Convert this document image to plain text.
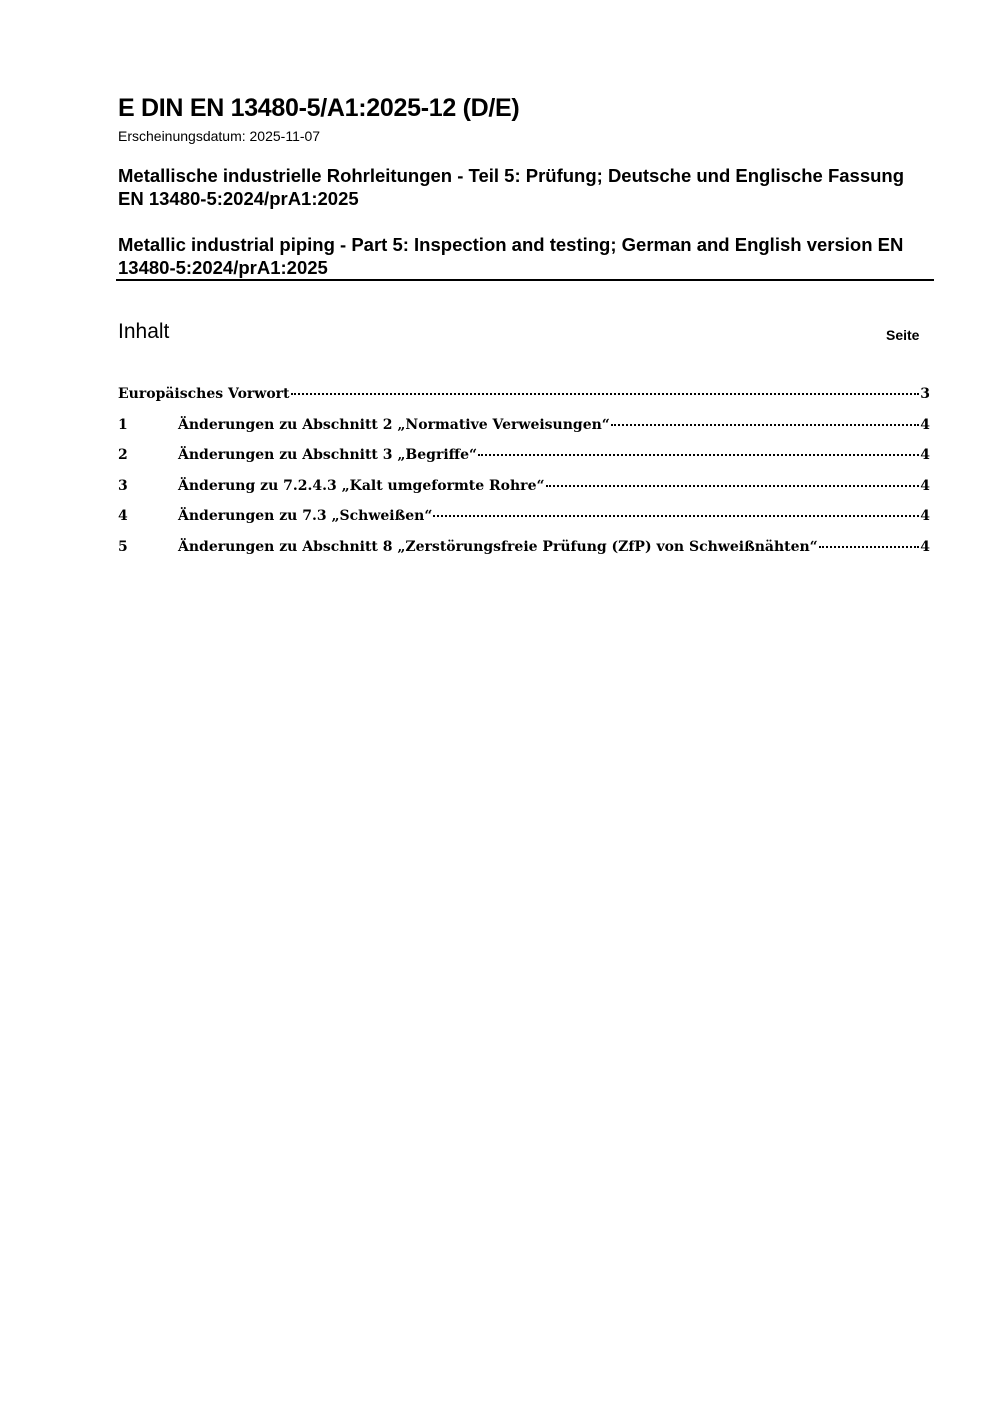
E DIN EN 13480-5/A1:2025-12 (D/E)
Erscheinungsdatum: 2025-11-07
Metallische industrielle Rohrleitungen - Teil 5: Prüfung; Deutsche und Englische Fassung EN 13480-5:2024/prA1:2025
Metallic industrial piping - Part 5: Inspection and testing; German and English version EN 13480-5:2024/prA1:2025
Inhalt	Seite
Europäisches Vorwort	3
1	Änderungen zu Abschnitt 2 „Normative Verweisungen“	4
2	Änderungen zu Abschnitt 3 „Begriffe“	4
3	Änderung zu 7.2.4.3 „Kalt umgeformte Rohre“	4
4	Änderungen zu 7.3 „Schweißen“	4
5	Änderungen zu Abschnitt 8 „Zerstörungsfreie Prüfung (ZfP) von Schweißnähten“	4
